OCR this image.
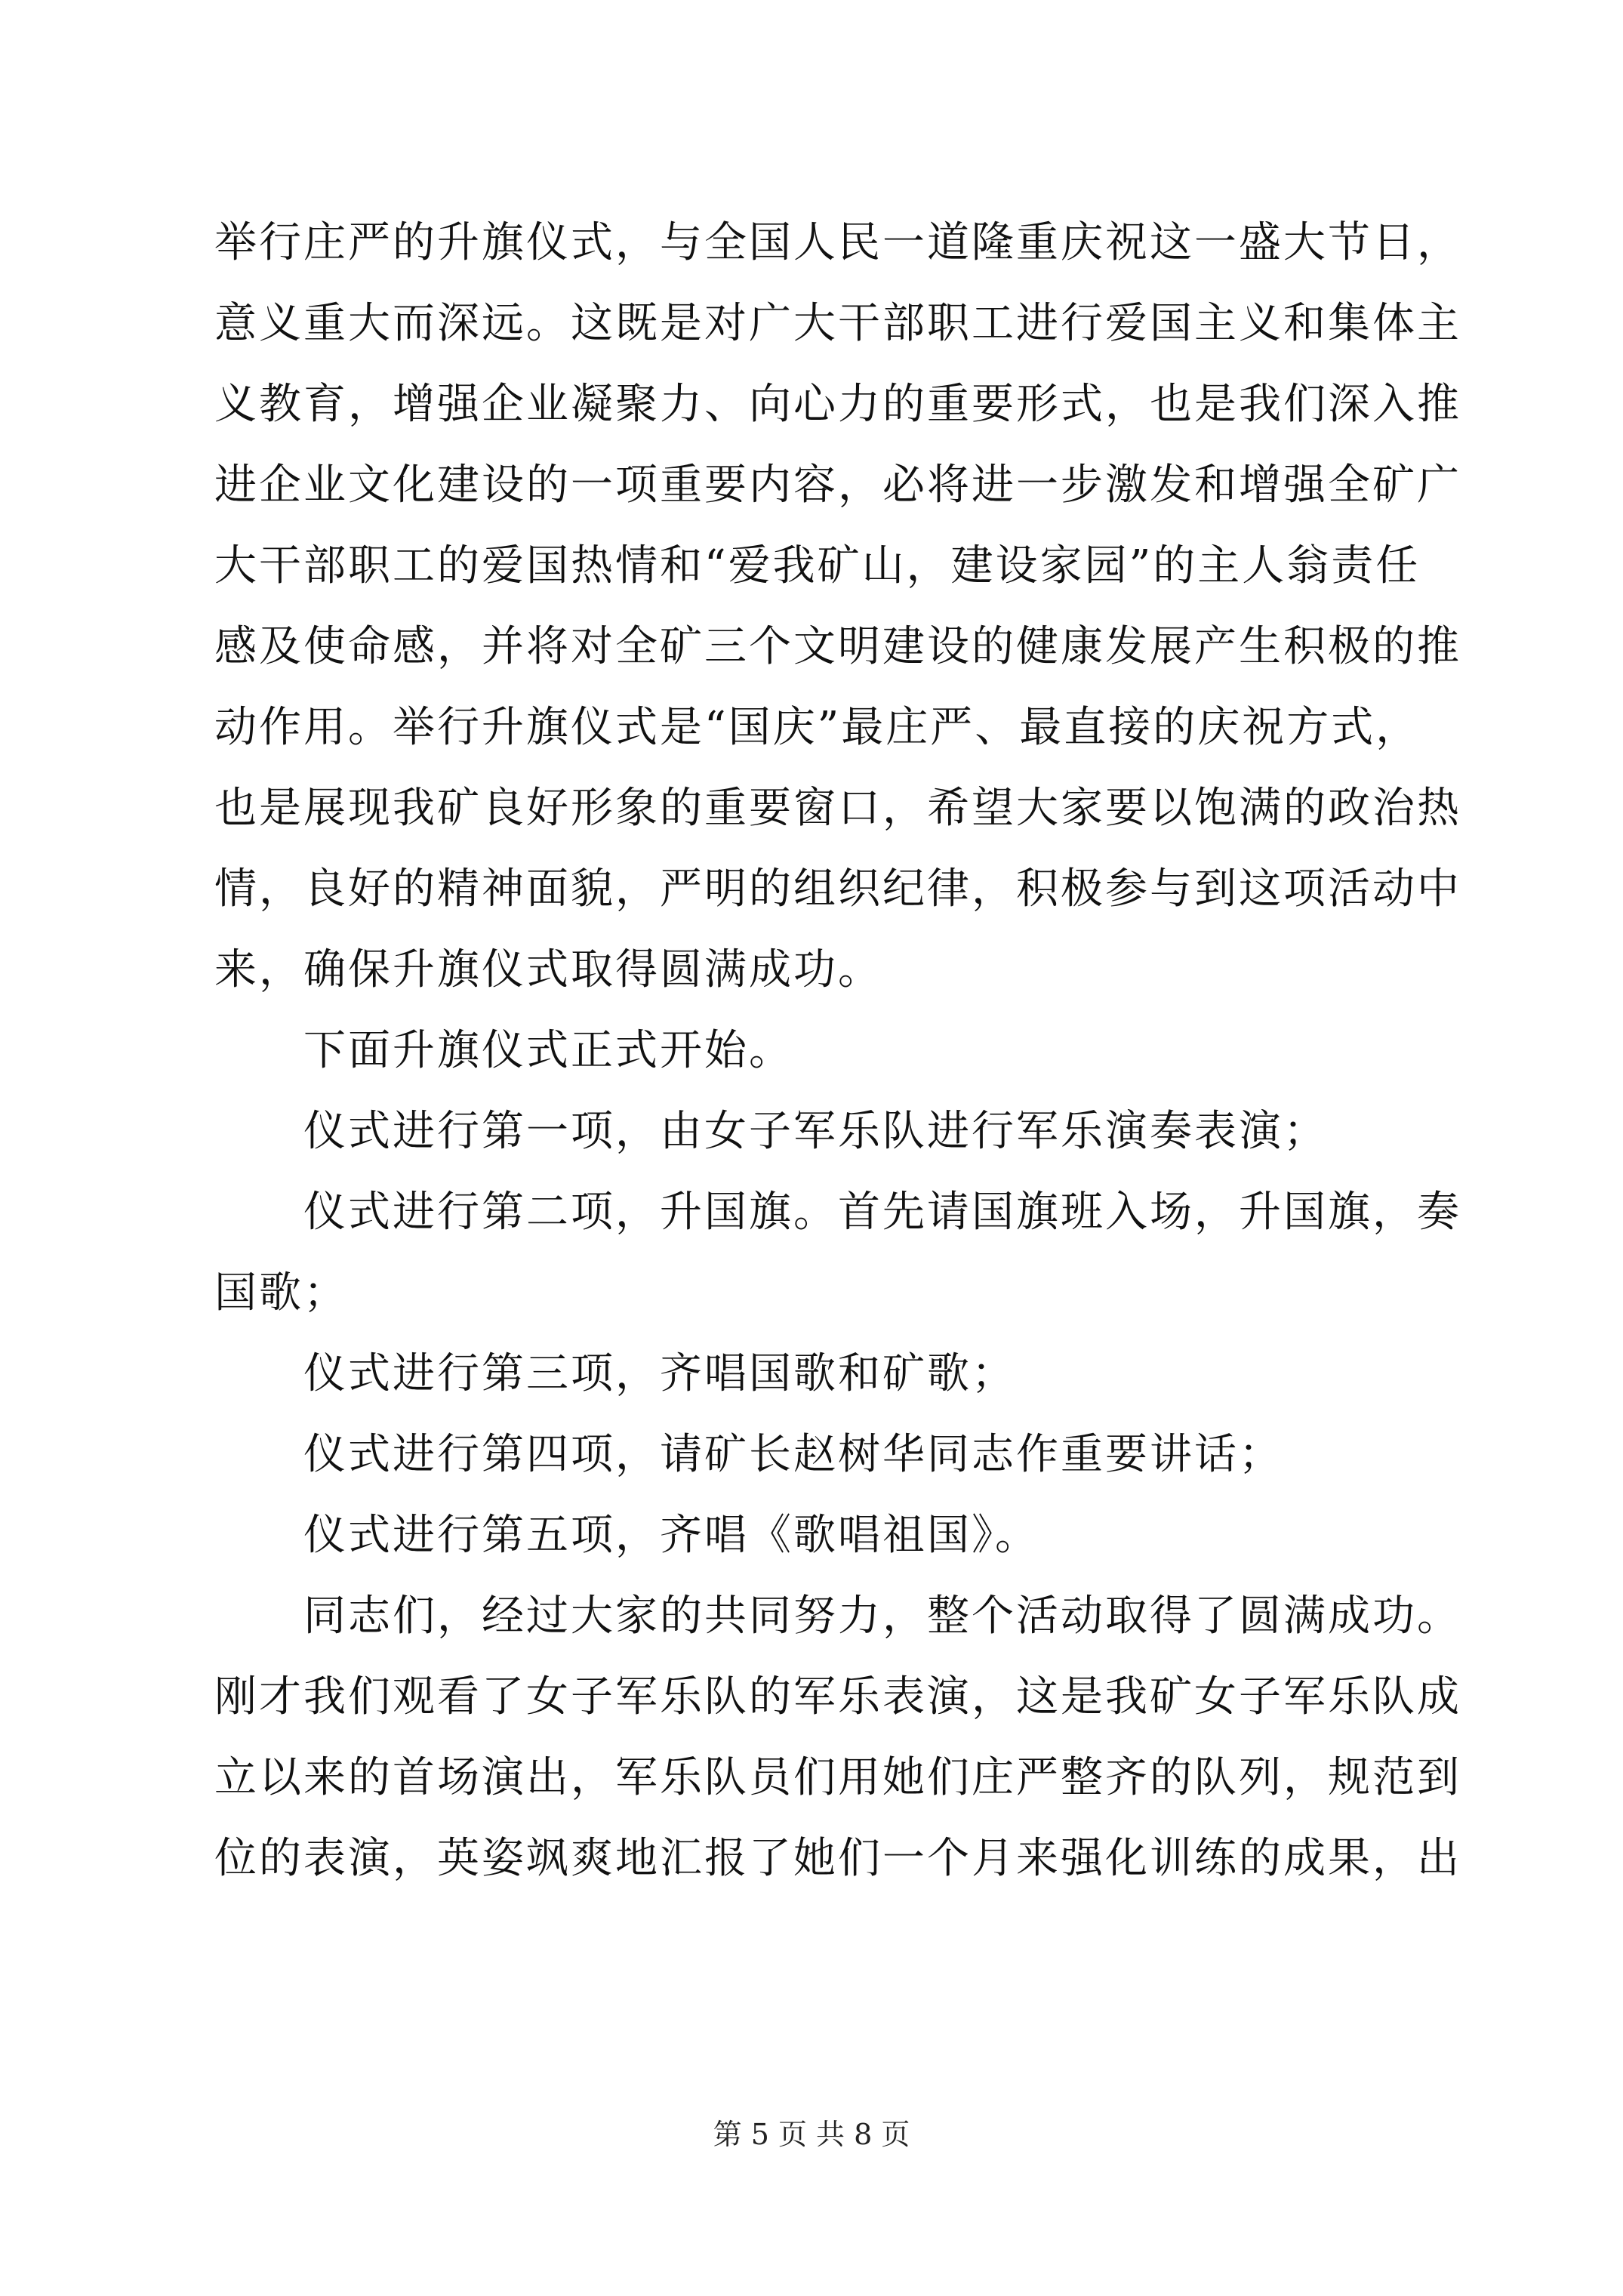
举行庄严的升旗仪式，与全国人民一道隆重庆祝这一盛大节日，
意义重大而深远。这既是对广大干部职工进行爱国主义和集体主
义教育，增强企业凝聚力、向心力的重要形式，也是我们深入推
进企业文化建设的一项重要内容，必将进一步激发和增强全矿广
大干部职工的爱国热情和“爱我矿山，建设家园”的主人翁责任
感及使命感，并将对全矿三个文明建设的健康发展产生积极的推
动作用。举行升旗仪式是“国庆”最庄严、最直接的庆祝方式，
也是展现我矿良好形象的重要窗口，希望大家要以饱满的政治热
情，良好的精神面貌，严明的组织纪律，积极参与到这项活动中
来，确保升旗仪式取得圆满成功。
下面升旗仪式正式开始。
仪式进行第一项，由女子军乐队进行军乐演奏表演；
仪式进行第二项，升国旗。首先请国旗班入场，升国旗，奏
国歌；
仪式进行第三项，齐唱国歌和矿歌；
仪式进行第四项，请矿长赵树华同志作重要讲话；
仪式进行第五项，齐唱《歌唱祖国》。
同志们，经过大家的共同努力，整个活动取得了圆满成功。
刚才我们观看了女子军乐队的军乐表演，这是我矿女子军乐队成
立以来的首场演出，军乐队员们用她们庄严整齐的队列，规范到
位的表演，英姿飒爽地汇报了她们一个月来强化训练的成果，出
第 5 页 共 8 页
